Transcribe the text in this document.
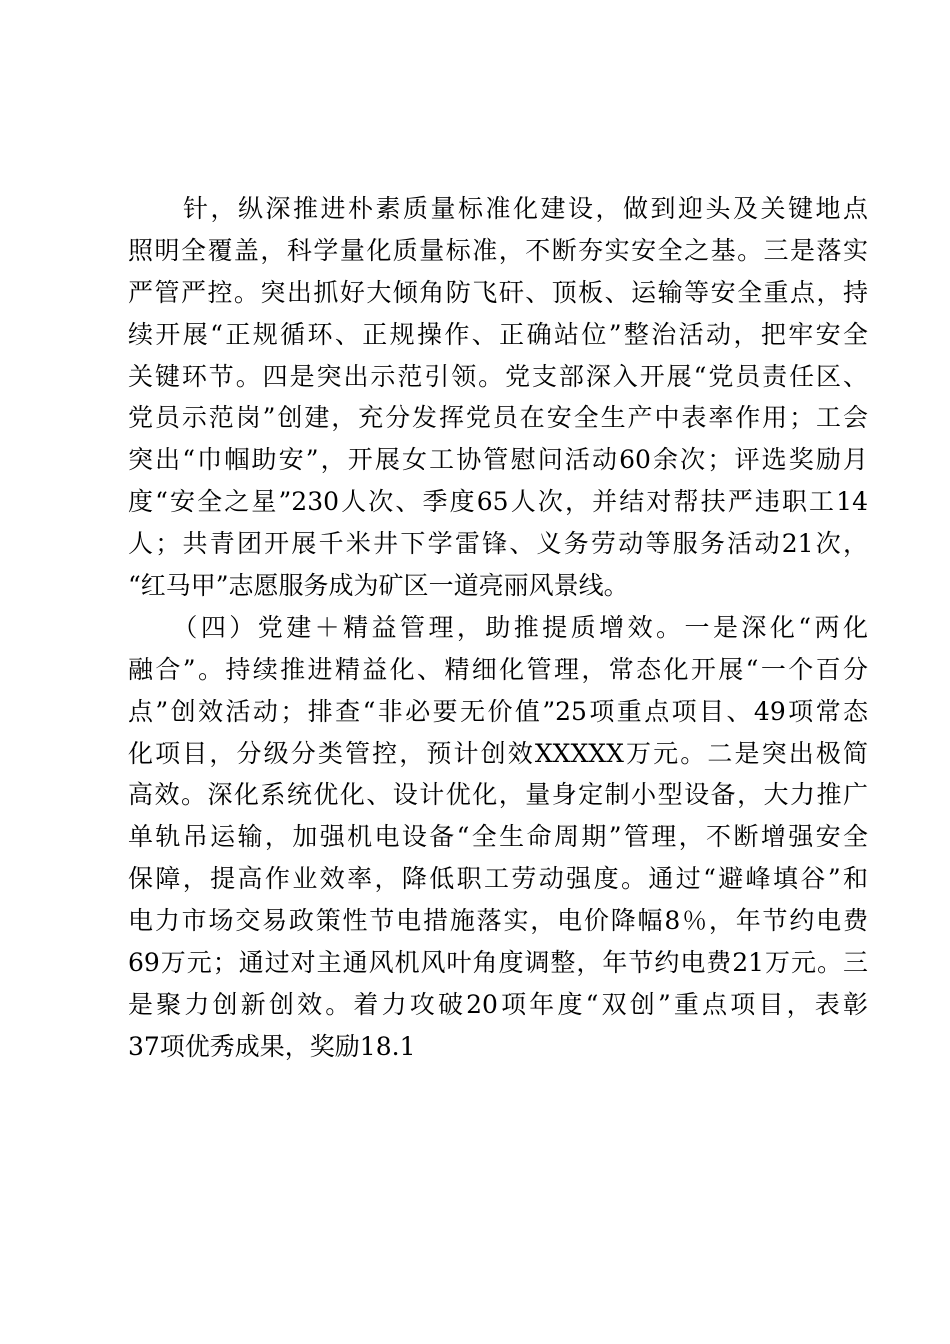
　　针，纵深推进朴素质量标准化建设，做到迎头及关键地点
照明全覆盖，科学量化质量标准，不断夯实安全之基。三是落实
严管严控。突出抓好大倾角防飞矸、顶板、运输等安全重点，持
续开展“正规循环、正规操作、正确站位”整治活动，把牢安全
关键环节。四是突出示范引领。党支部深入开展“党员责任区、
党员示范岗”创建，充分发挥党员在安全生产中表率作用；工会
突出“巾帼助安”，开展女工协管慰问活动60余次；评选奖励月
度“安全之星”230人次、季度65人次，并结对帮扶严违职工14
人；共青团开展千米井下学雷锋、义务劳动等服务活动21次，
“红马甲”志愿服务成为矿区一道亮丽风景线。
　　（四）党建＋精益管理，助推提质增效。一是深化“两化
融合”。持续推进精益化、精细化管理，常态化开展“一个百分
点”创效活动；排查“非必要无价值”25项重点项目、49项常态
化项目，分级分类管控，预计创效XXXXX万元。二是突出极简
高效。深化系统优化、设计优化，量身定制小型设备，大力推广
单轨吊运输，加强机电设备“全生命周期”管理，不断增强安全
保障，提高作业效率，降低职工劳动强度。通过“避峰填谷”和
电力市场交易政策性节电措施落实，电价降幅8％，年节约电费
69万元；通过对主通风机风叶角度调整，年节约电费21万元。三
是聚力创新创效。着力攻破20项年度“双创”重点项目，表彰
37项优秀成果，奖励18.1
